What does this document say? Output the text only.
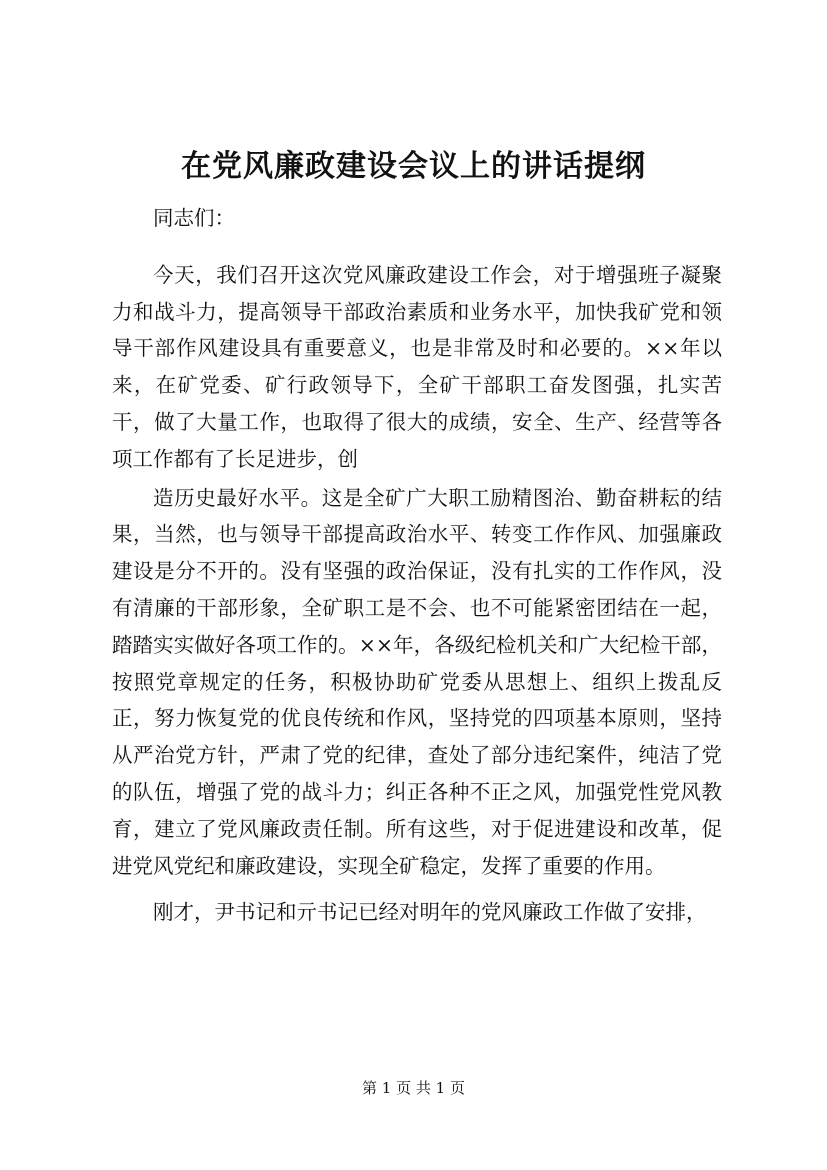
在党风廉政建设会议上的讲话提纲

同志们：

今天，我们召开这次党风廉政建设工作会，对于增强班子凝聚力和战斗力，提高领导干部政治素质和业务水平，加快我矿党和领导干部作风建设具有重要意义，也是非常及时和必要的。××年以来，在矿党委、矿行政领导下，全矿干部职工奋发图强，扎实苦干，做了大量工作，也取得了很大的成绩，安全、生产、经营等各项工作都有了长足进步，创

造历史最好水平。这是全矿广大职工励精图治、勤奋耕耘的结果，当然，也与领导干部提高政治水平、转变工作作风、加强廉政建设是分不开的。没有坚强的政治保证，没有扎实的工作作风，没有清廉的干部形象，全矿职工是不会、也不可能紧密团结在一起，踏踏实实做好各项工作的。××年，各级纪检机关和广大纪检干部，按照党章规定的任务，积极协助矿党委从思想上、组织上拨乱反正，努力恢复党的优良传统和作风，坚持党的四项基本原则，坚持从严治党方针，严肃了党的纪律，查处了部分违纪案件，纯洁了党的队伍，增强了党的战斗力；纠正各种不正之风，加强党性党风教育，建立了党风廉政责任制。所有这些，对于促进建设和改革，促进党风党纪和廉政建设，实现全矿稳定，发挥了重要的作用。

刚才，尹书记和亓书记已经对明年的党风廉政工作做了安排，

第 1 页 共 1 页
